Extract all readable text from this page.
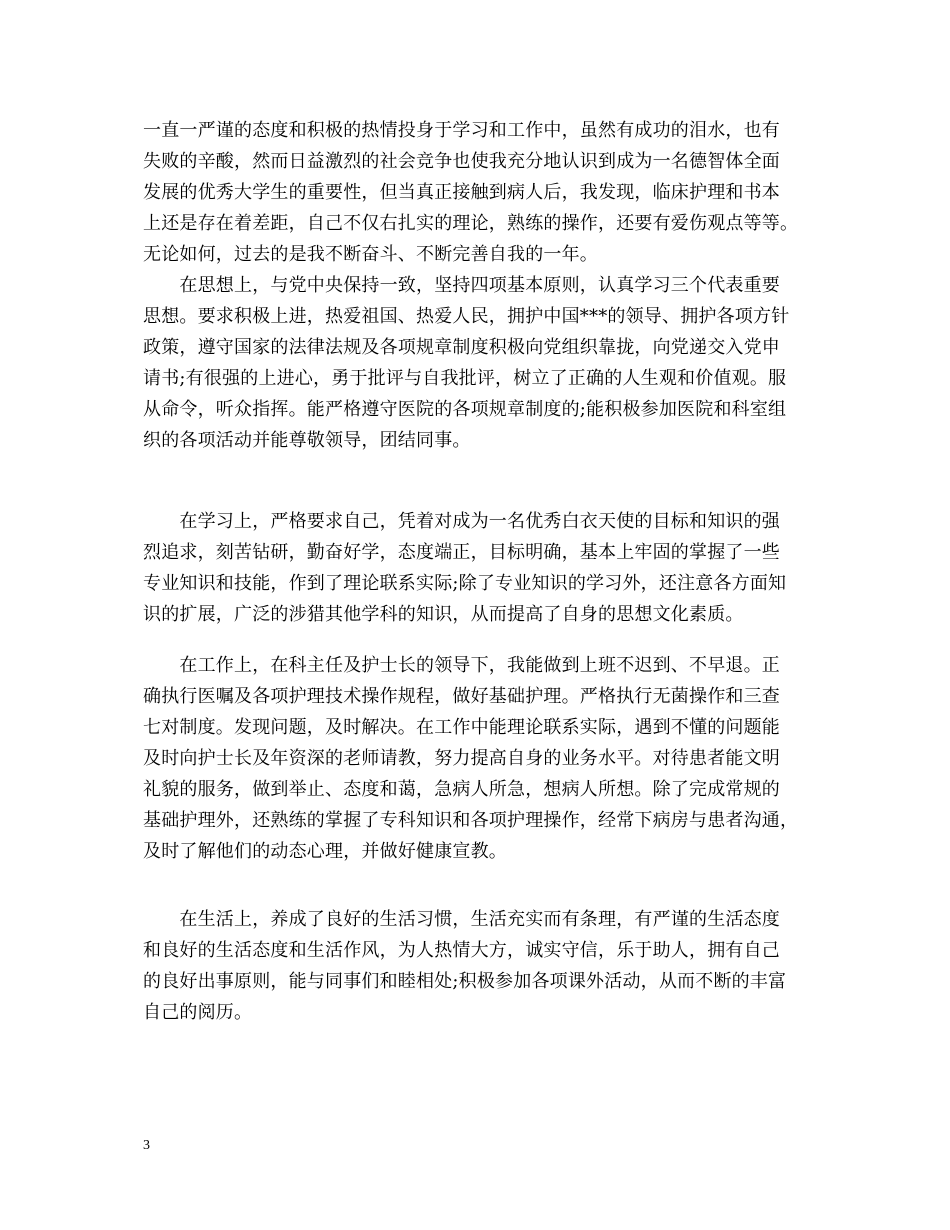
一直一严谨的态度和积极的热情投身于学习和工作中，虽然有成功的泪水，也有
失败的辛酸，然而日益激烈的社会竞争也使我充分地认识到成为一名德智体全面
发展的优秀大学生的重要性，但当真正接触到病人后，我发现，临床护理和书本
上还是存在着差距，自己不仅右扎实的理论，熟练的操作，还要有爱伤观点等等。
无论如何，过去的是我不断奋斗、不断完善自我的一年。
　　在思想上，与党中央保持一致，坚持四项基本原则，认真学习三个代表重要
思想。要求积极上进，热爱祖国、热爱人民，拥护中国***的领导、拥护各项方针
政策，遵守国家的法律法规及各项规章制度积极向党组织靠拢，向党递交入党申
请书;有很强的上进心，勇于批评与自我批评，树立了正确的人生观和价值观。服
从命令，听众指挥。能严格遵守医院的各项规章制度的;能积极参加医院和科室组
织的各项活动并能尊敬领导，团结同事。
　　在学习上，严格要求自己，凭着对成为一名优秀白衣天使的目标和知识的强
烈追求，刻苦钻研，勤奋好学，态度端正，目标明确，基本上牢固的掌握了一些
专业知识和技能，作到了理论联系实际;除了专业知识的学习外，还注意各方面知
识的扩展，广泛的涉猎其他学科的知识，从而提高了自身的思想文化素质。
　　在工作上，在科主任及护士长的领导下，我能做到上班不迟到、不早退。正
确执行医嘱及各项护理技术操作规程，做好基础护理。严格执行无菌操作和三查
七对制度。发现问题，及时解决。在工作中能理论联系实际，遇到不懂的问题能
及时向护士长及年资深的老师请教，努力提高自身的业务水平。对待患者能文明
礼貌的服务，做到举止、态度和蔼，急病人所急，想病人所想。除了完成常规的
基础护理外，还熟练的掌握了专科知识和各项护理操作，经常下病房与患者沟通，
及时了解他们的动态心理，并做好健康宣教。
　　在生活上，养成了良好的生活习惯，生活充实而有条理，有严谨的生活态度
和良好的生活态度和生活作风，为人热情大方，诚实守信，乐于助人，拥有自己
的良好出事原则，能与同事们和睦相处;积极参加各项课外活动，从而不断的丰富
自己的阅历。
3
